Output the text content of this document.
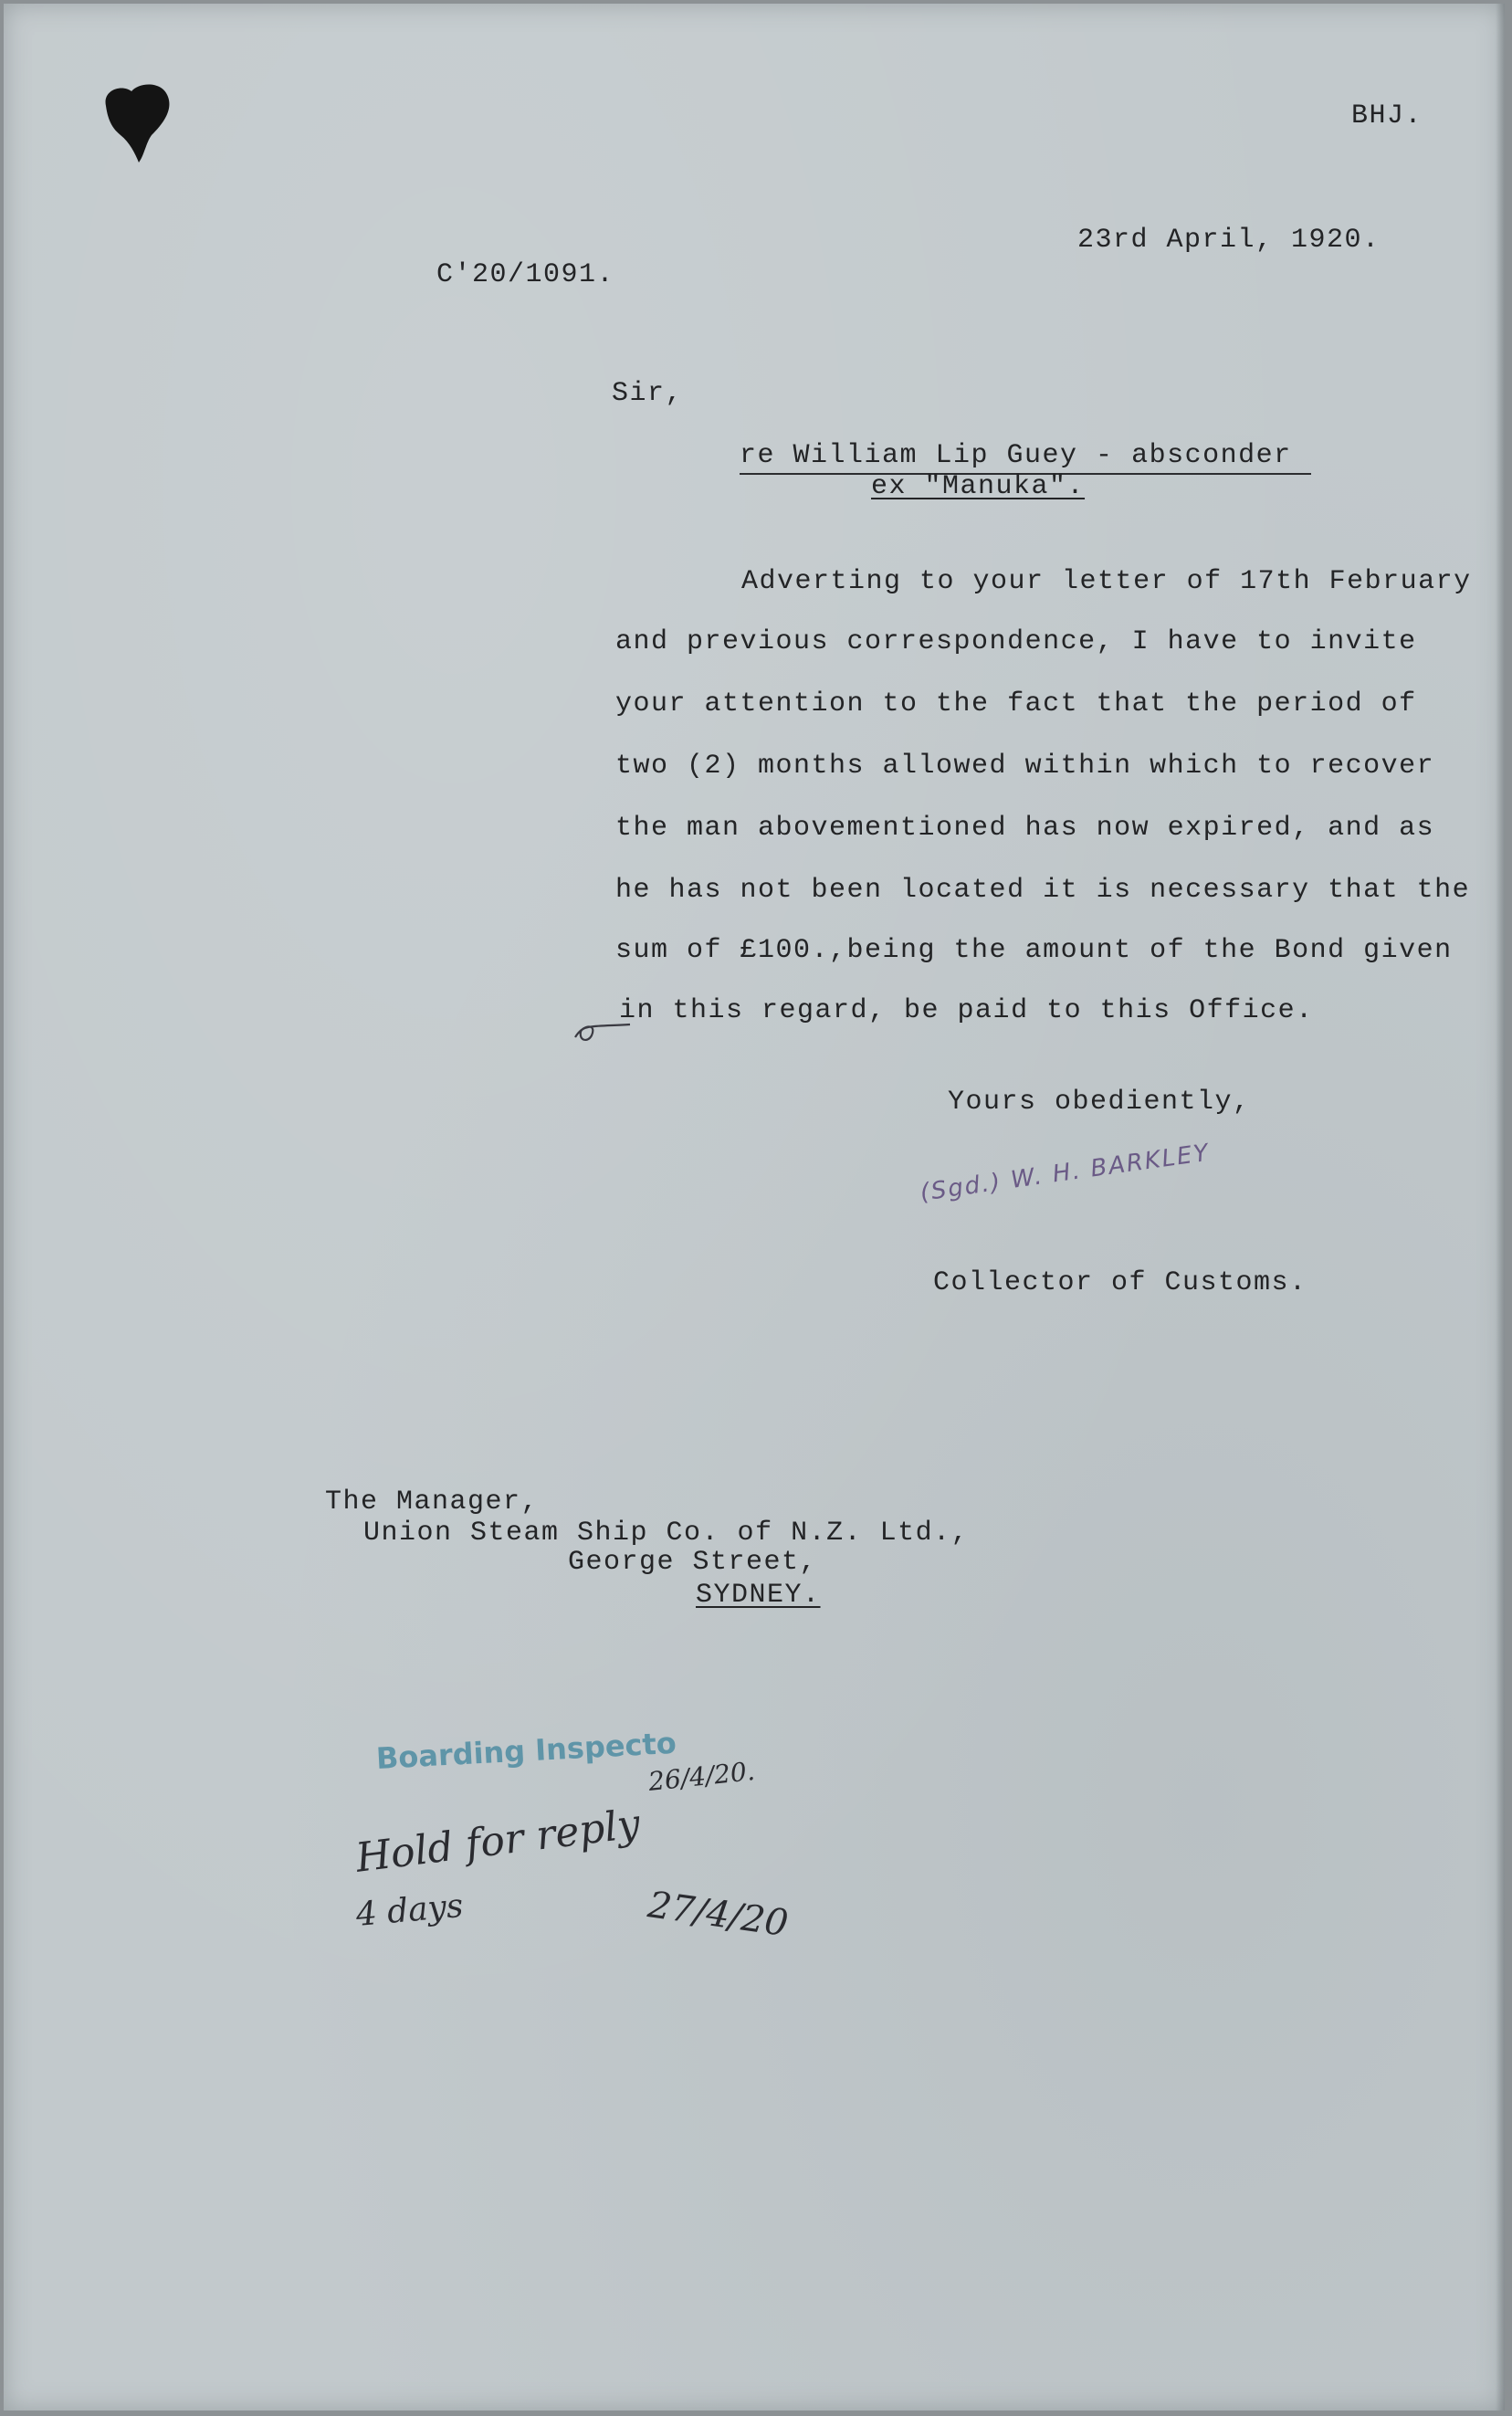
BHJ.
23rd April, 1920.
C'20/1091.
Sir,
re William Lip Guey - absconder
ex "Manuka".
Adverting to your letter of 17th February
and previous correspondence, I have to invite
your attention to the fact that the period of
two (2) months allowed within which to recover
the man abovementioned has now expired, and as
he has not been located it is necessary that the
sum of £100.,being the amount of the Bond given
in this regard, be paid to this Office.
Yours obediently,
(Sgd.) W. H. BARKLEY
Collector of Customs.
The Manager,
Union Steam Ship Co. of N.Z. Ltd.,
George Street,
SYDNEY.
Boarding Inspecto
26/4/20.
Hold for reply
4 days	27/4/20
